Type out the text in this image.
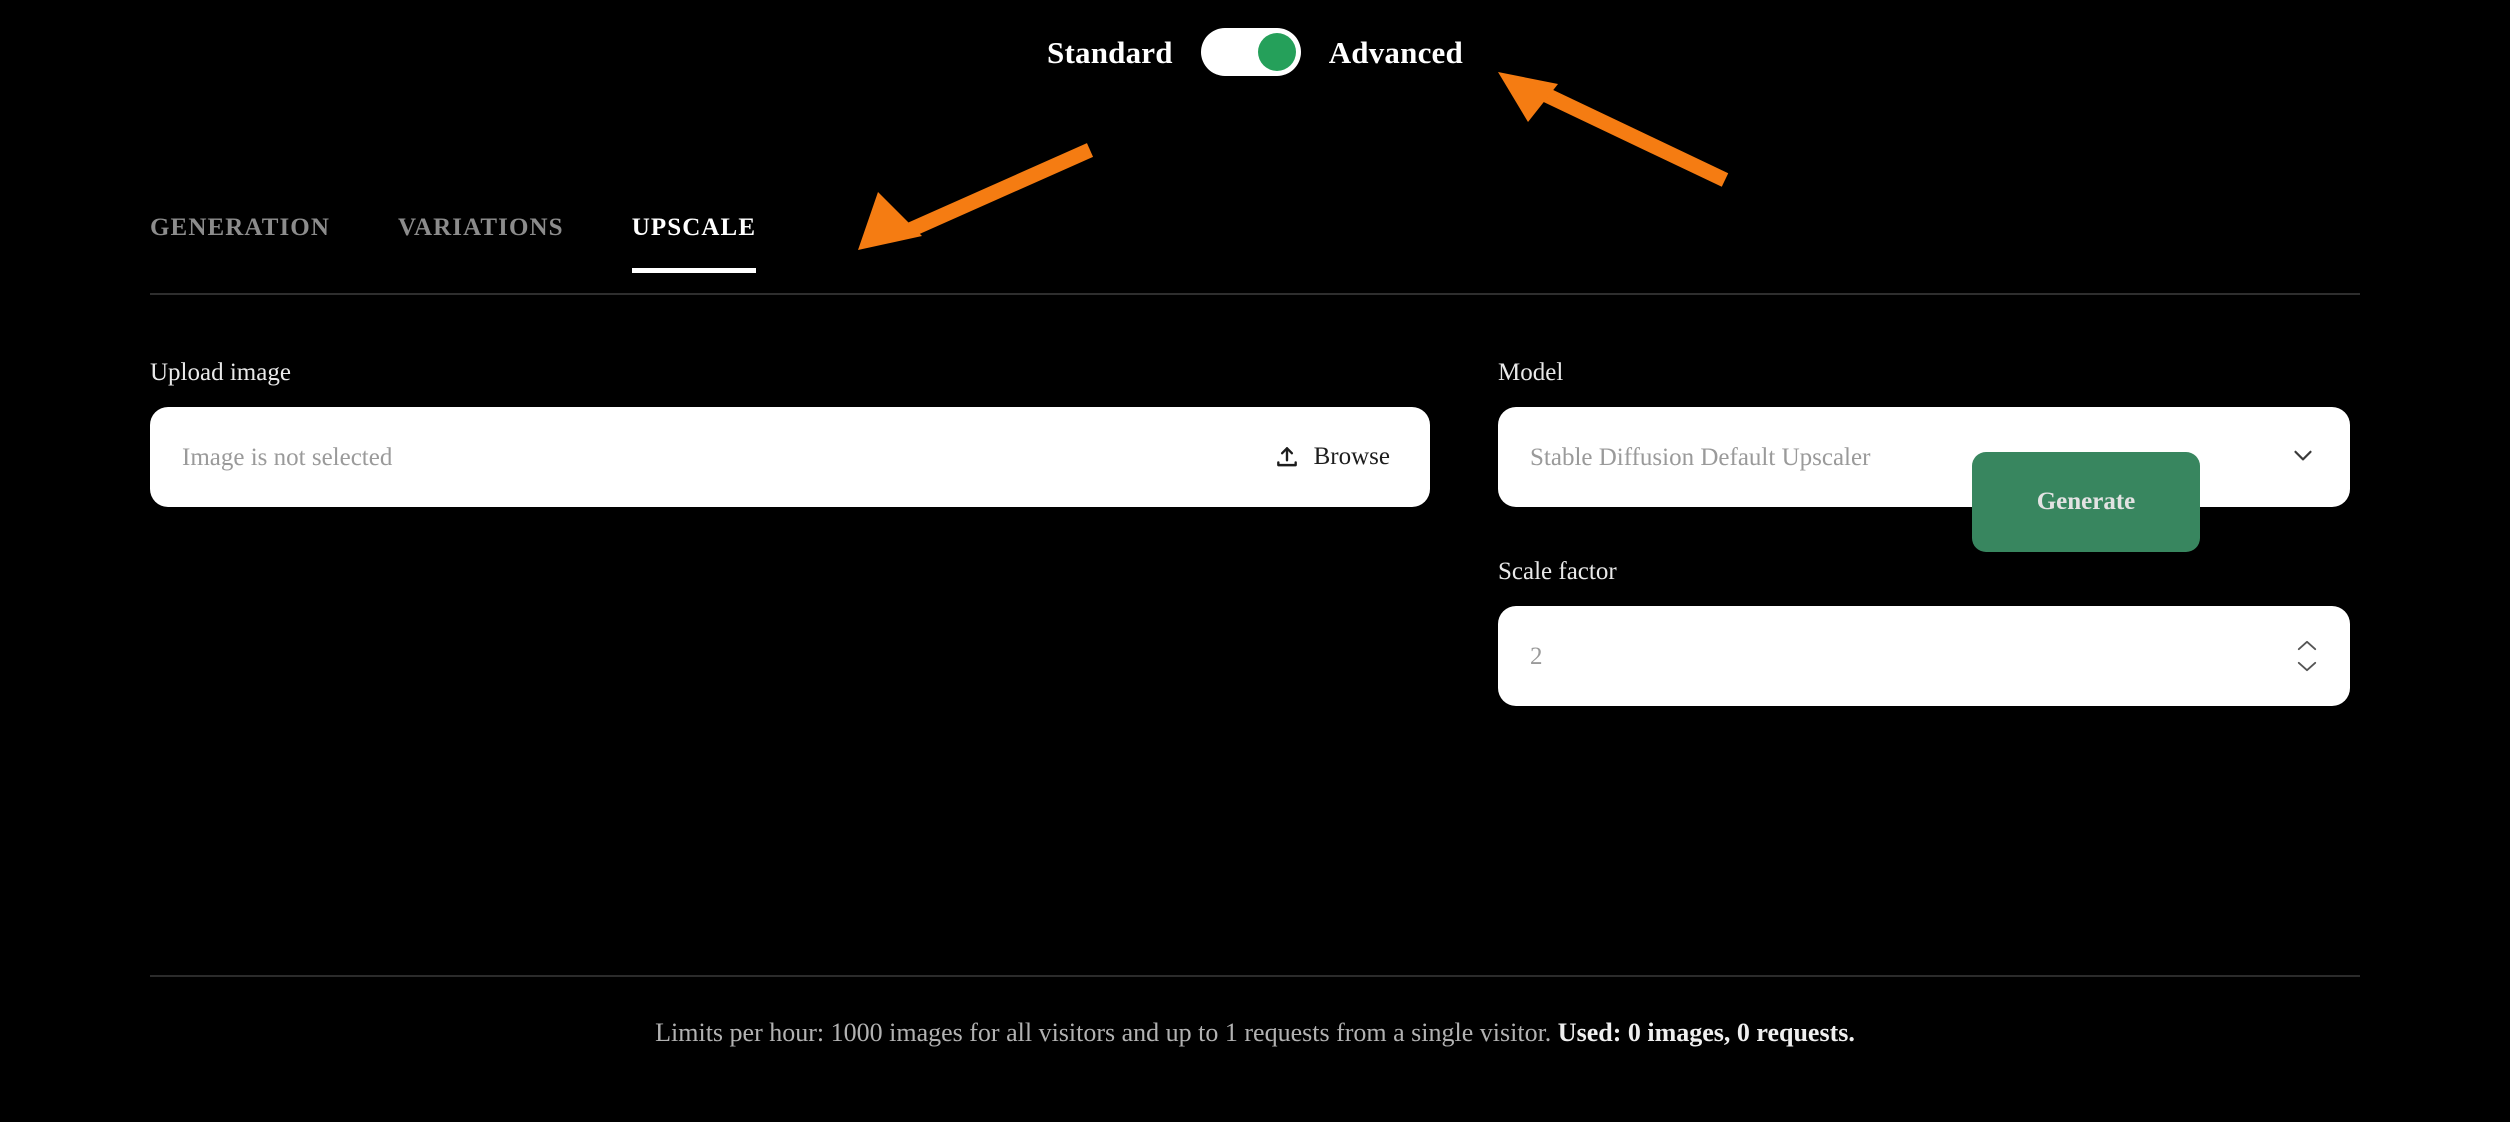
Standard	Advanced
GENERATION	VARIATIONS	UPSCALE
Upload image
Image is not selected	Browse
Model
Stable Diffusion Default Upscaler
Scale factor
2
Generate
Limits per hour: 1000 images for all visitors and up to 1 requests from a single visitor. Used: 0 images, 0 requests.
